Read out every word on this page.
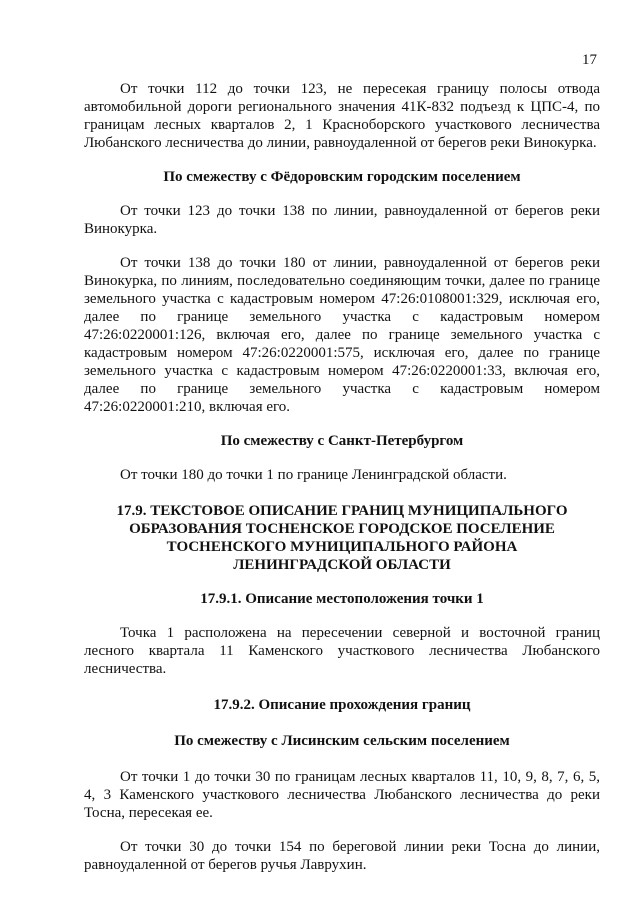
17

От точки 112 до точки 123, не пересекая границу полосы отвода автомобильной дороги регионального значения 41К-832 подъезд к ЦПС-4, по границам лесных кварталов 2, 1 Красноборского участкового лесничества Любанского лесничества до линии, равноудаленной от берегов реки Винокурка.

По смежеству с Фёдоровским городским поселением

От точки 123 до точки 138 по линии, равноудаленной от берегов реки Винокурка.

От точки 138 до точки 180 от линии, равноудаленной от берегов реки Винокурка, по линиям, последовательно соединяющим точки, далее по границе земельного участка с кадастровым номером 47:26:0108001:329, исключая его, далее по границе земельного участка с кадастровым номером 47:26:0220001:126, включая его, далее по границе земельного участка с кадастровым номером 47:26:0220001:575, исключая его, далее по границе земельного участка с кадастровым номером 47:26:0220001:33, включая его, далее по границе земельного участка с кадастровым номером 47:26:0220001:210, включая его.

По смежеству с Санкт-Петербургом

От точки 180 до точки 1 по границе Ленинградской области.

17.9. ТЕКСТОВОЕ ОПИСАНИЕ ГРАНИЦ МУНИЦИПАЛЬНОГО

ОБРАЗОВАНИЯ ТОСНЕНСКОЕ ГОРОДСКОЕ ПОСЕЛЕНИЕ

ТОСНЕНСКОГО МУНИЦИПАЛЬНОГО РАЙОНА

ЛЕНИНГРАДСКОЙ ОБЛАСТИ

17.9.1. Описание местоположения точки 1

Точка 1 расположена на пересечении северной и восточной границ лесного квартала 11 Каменского участкового лесничества Любанского лесничества.

17.9.2. Описание прохождения границ

По смежеству с Лисинским сельским поселением

От точки 1 до точки 30 по границам лесных кварталов 11, 10, 9, 8, 7, 6, 5, 4, 3 Каменского участкового лесничества Любанского лесничества до реки Тосна, пересекая ее.

От точки 30 до точки 154 по береговой линии реки Тосна до линии, равноудаленной от берегов ручья Лаврухин.
